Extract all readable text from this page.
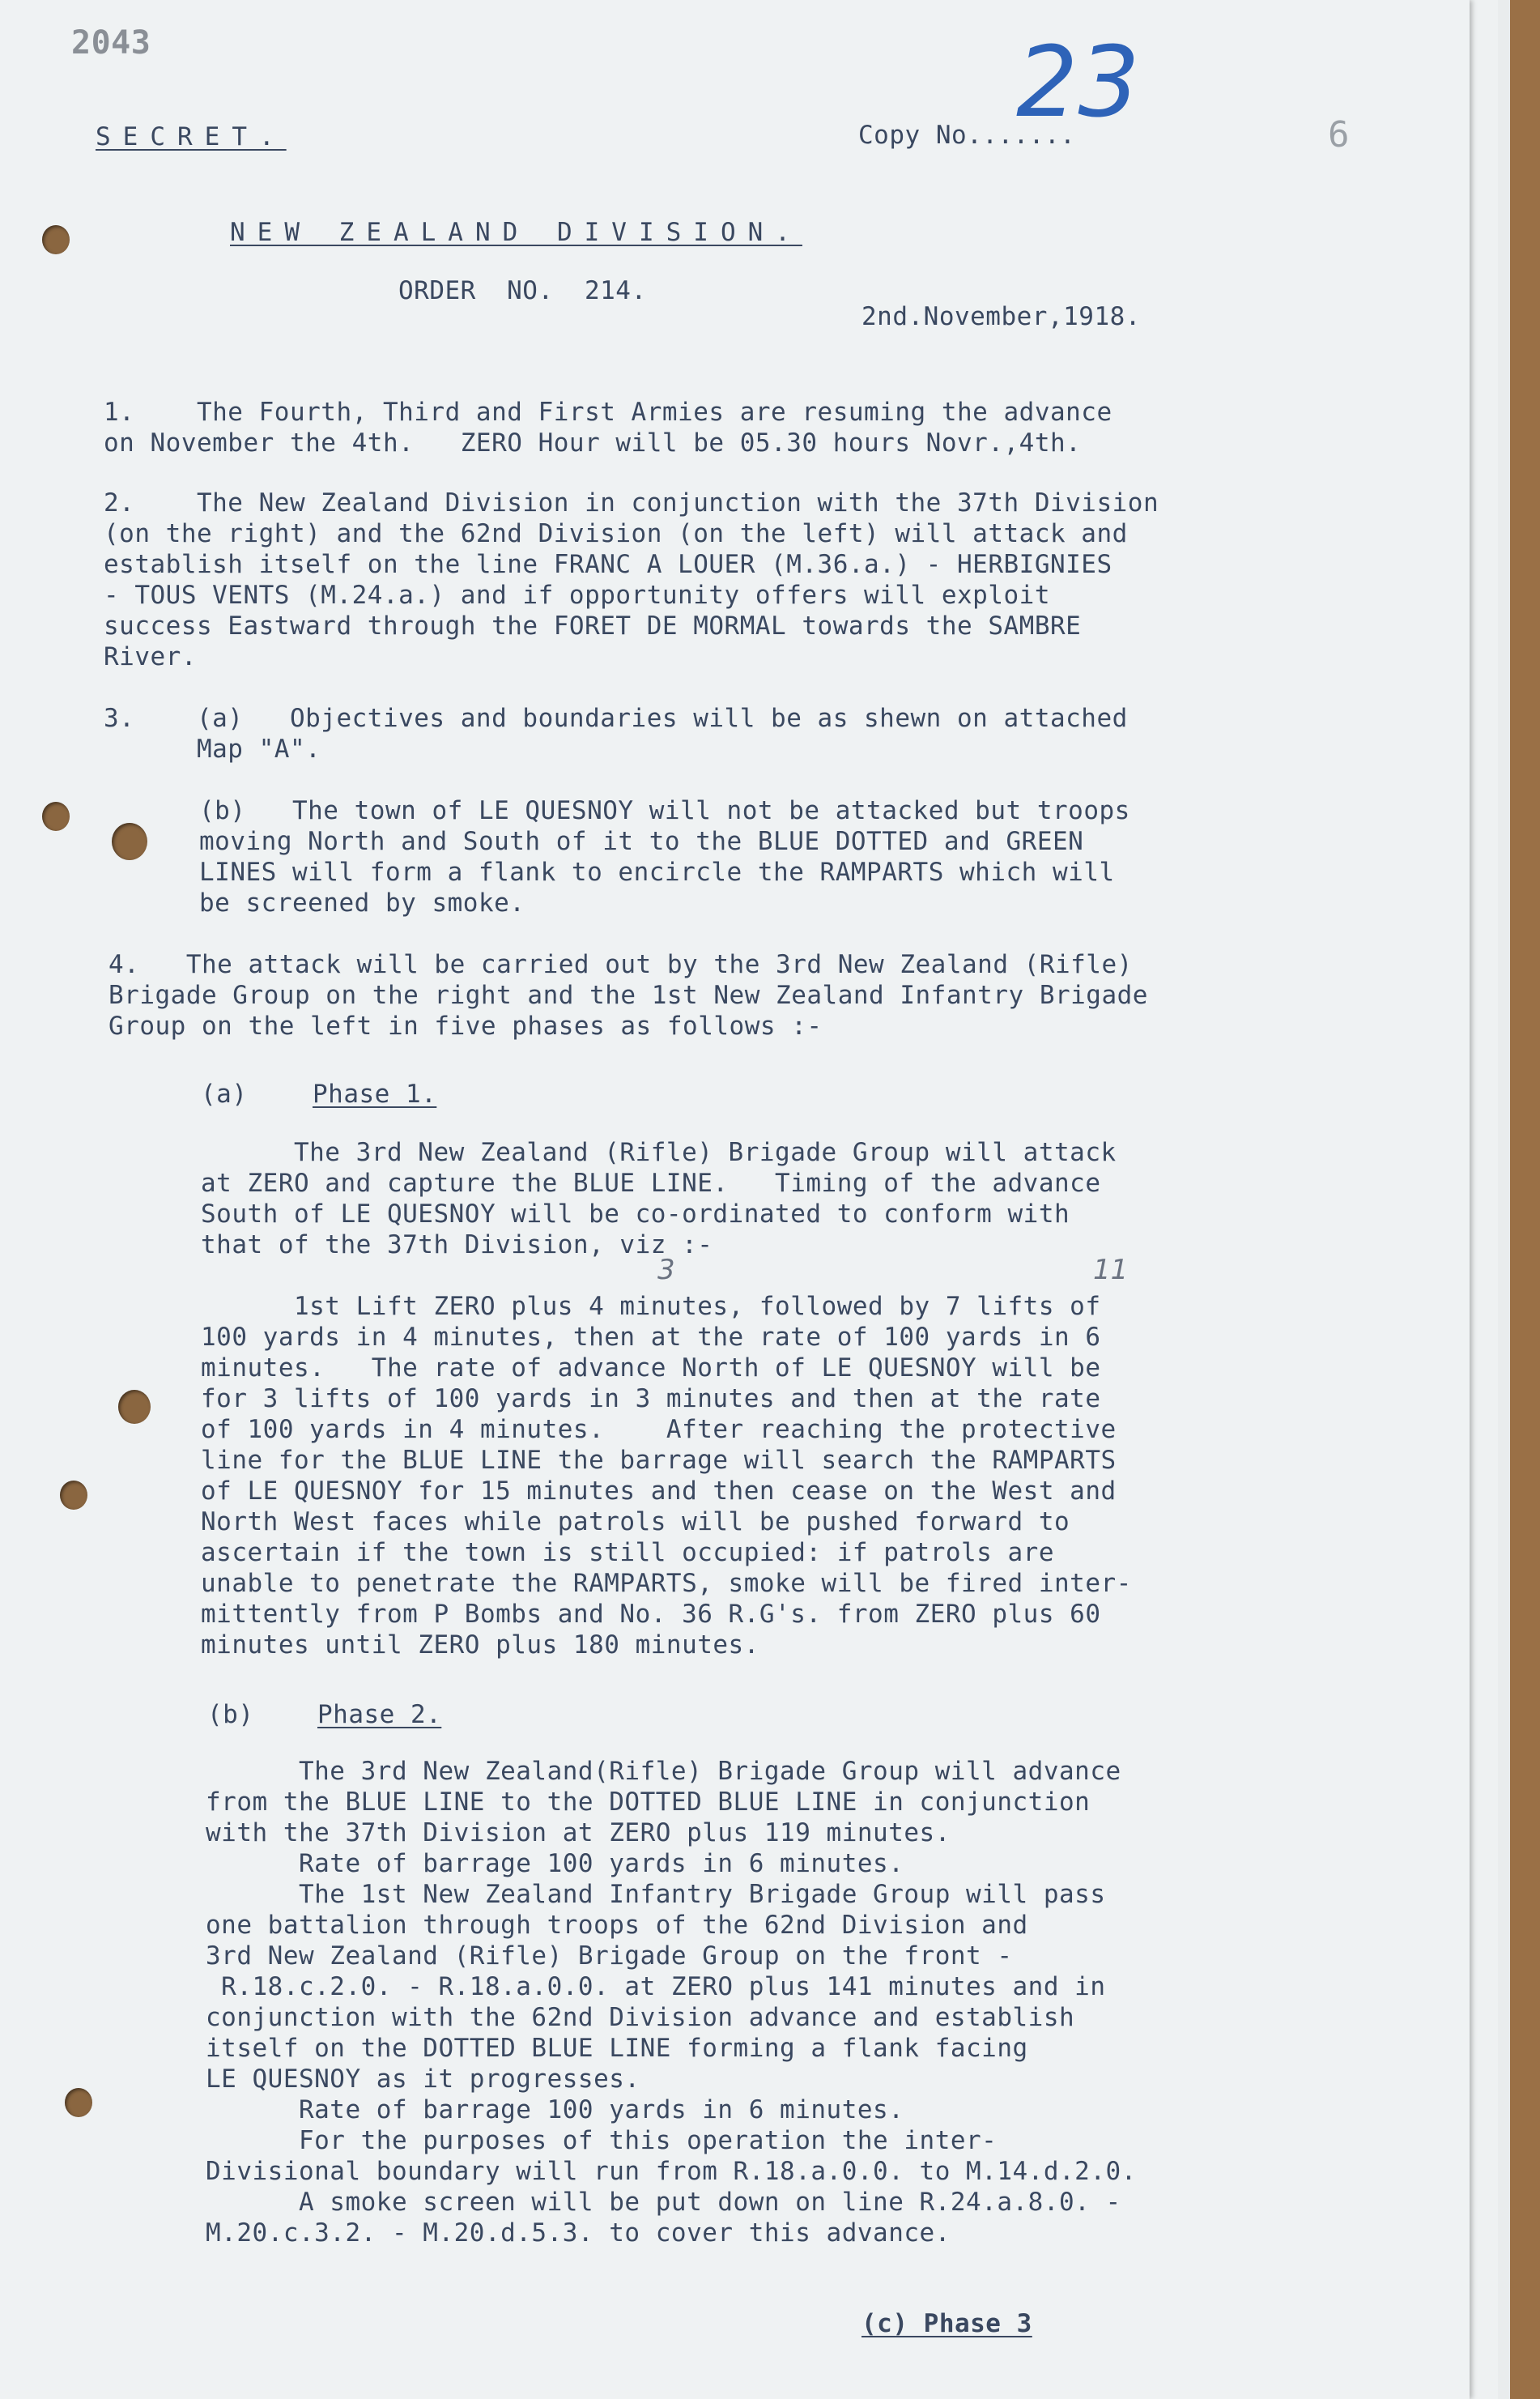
2043
SECRET.	Copy No.......
23	6
NEW ZEALAND DIVISION.
ORDER  NO.  214.
2nd.November,1918.
1.    The Fourth, Third and First Armies are resuming the advance
on November the 4th.   ZERO Hour will be 05.30 hours Novr.,4th.
2.    The New Zealand Division in conjunction with the 37th Division
(on the right) and the 62nd Division (on the left) will attack and
establish itself on the line FRANC A LOUER (M.36.a.) - HERBIGNIES
- TOUS VENTS (M.24.a.) and if opportunity offers will exploit
success Eastward through the FORET DE MORMAL towards the SAMBRE
River.
3.    (a)   Objectives and boundaries will be as shewn on attached
Map "A".
(b)   The town of LE QUESNOY will not be attacked but troops
moving North and South of it to the BLUE DOTTED and GREEN
LINES will form a flank to encircle the RAMPARTS which will
be screened by smoke.
4.   The attack will be carried out by the 3rd New Zealand (Rifle)
Brigade Group on the right and the 1st New Zealand Infantry Brigade
Group on the left in five phases as follows :-
(a)	Phase 1.
The 3rd New Zealand (Rifle) Brigade Group will attack
at ZERO and capture the BLUE LINE.   Timing of the advance
South of LE QUESNOY will be co-ordinated to conform with
that of the 37th Division, viz :-
3	11
1st Lift ZERO plus 4 minutes, followed by 7 lifts of
100 yards in 4 minutes, then at the rate of 100 yards in 6
minutes.   The rate of advance North of LE QUESNOY will be
for 3 lifts of 100 yards in 3 minutes and then at the rate
of 100 yards in 4 minutes.    After reaching the protective
line for the BLUE LINE the barrage will search the RAMPARTS
of LE QUESNOY for 15 minutes and then cease on the West and
North West faces while patrols will be pushed forward to
ascertain if the town is still occupied: if patrols are
unable to penetrate the RAMPARTS, smoke will be fired inter-
mittently from P Bombs and No. 36 R.G's. from ZERO plus 60
minutes until ZERO plus 180 minutes.
(b)	Phase 2.
The 3rd New Zealand(Rifle) Brigade Group will advance
from the BLUE LINE to the DOTTED BLUE LINE in conjunction
with the 37th Division at ZERO plus 119 minutes.
Rate of barrage 100 yards in 6 minutes.
The 1st New Zealand Infantry Brigade Group will pass
one battalion through troops of the 62nd Division and
3rd New Zealand (Rifle) Brigade Group on the front -
R.18.c.2.0. - R.18.a.0.0. at ZERO plus 141 minutes and in
conjunction with the 62nd Division advance and establish
itself on the DOTTED BLUE LINE forming a flank facing
LE QUESNOY as it progresses.
Rate of barrage 100 yards in 6 minutes.
For the purposes of this operation the inter-
Divisional boundary will run from R.18.a.0.0. to M.14.d.2.0.
A smoke screen will be put down on line R.24.a.8.0. -
M.20.c.3.2. - M.20.d.5.3. to cover this advance.
(c) Phase 3
